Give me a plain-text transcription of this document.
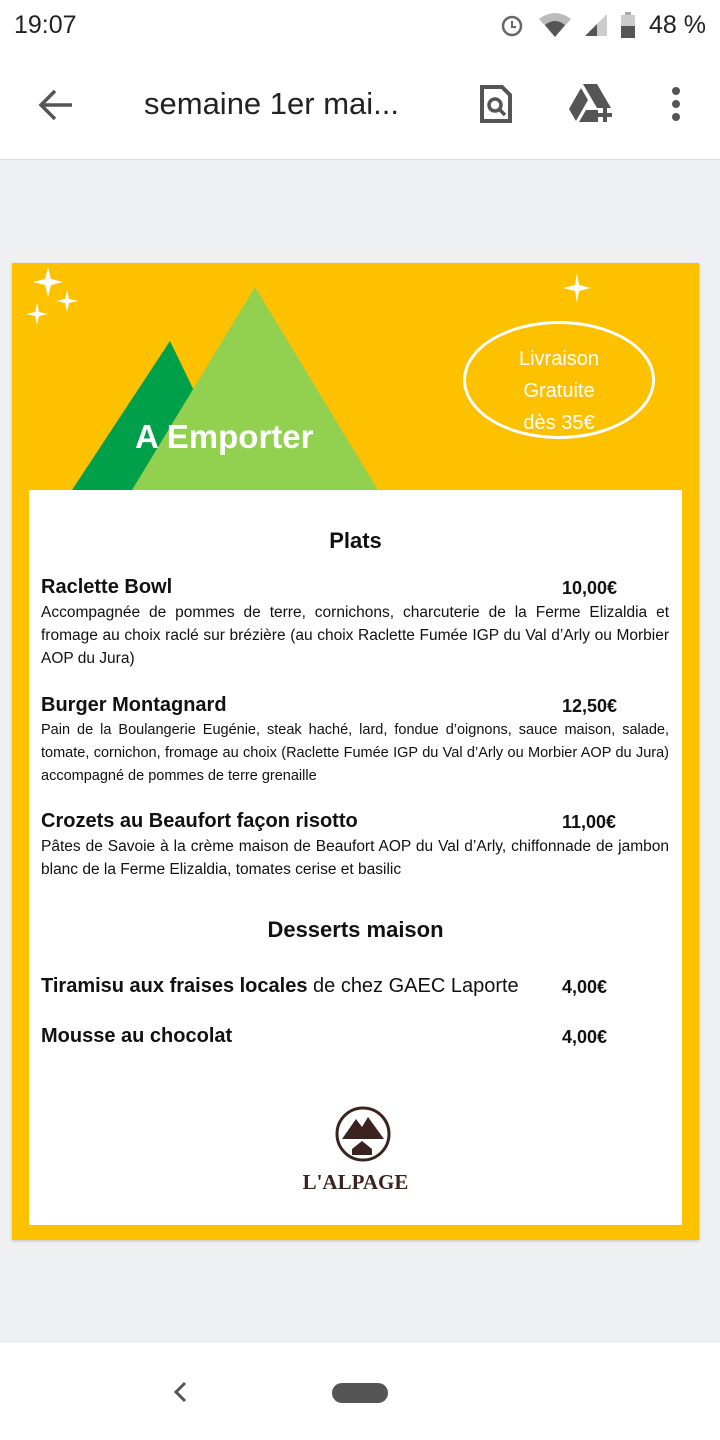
19:07	48 %
semaine 1er mai...
A Emporter
Livraison
Gratuite
dès 35€
Plats
Raclette Bowl	10,00€
Accompagnée de pommes de terre, cornichons, charcuterie de la Ferme Elizaldia et fromage au choix raclé sur brézière (au choix Raclette Fumée IGP du Val d’Arly ou Morbier AOP du Jura)
Burger Montagnard	12,50€
Pain de la Boulangerie Eugénie, steak haché, lard, fondue d’oignons, sauce maison, salade, tomate, cornichon, fromage au choix (Raclette Fumée IGP du Val d’Arly ou Morbier AOP du Jura) accompagné de pommes de terre grenaille
Crozets au Beaufort façon risotto	11,00€
Pâtes de Savoie à la crème maison de Beaufort AOP du Val d’Arly, chiffonnade de jambon blanc de la Ferme Elizaldia, tomates cerise et basilic
Desserts maison
Tiramisu aux fraises locales de chez GAEC Laporte	4,00€
Mousse au chocolat	4,00€
L'ALPAGE
